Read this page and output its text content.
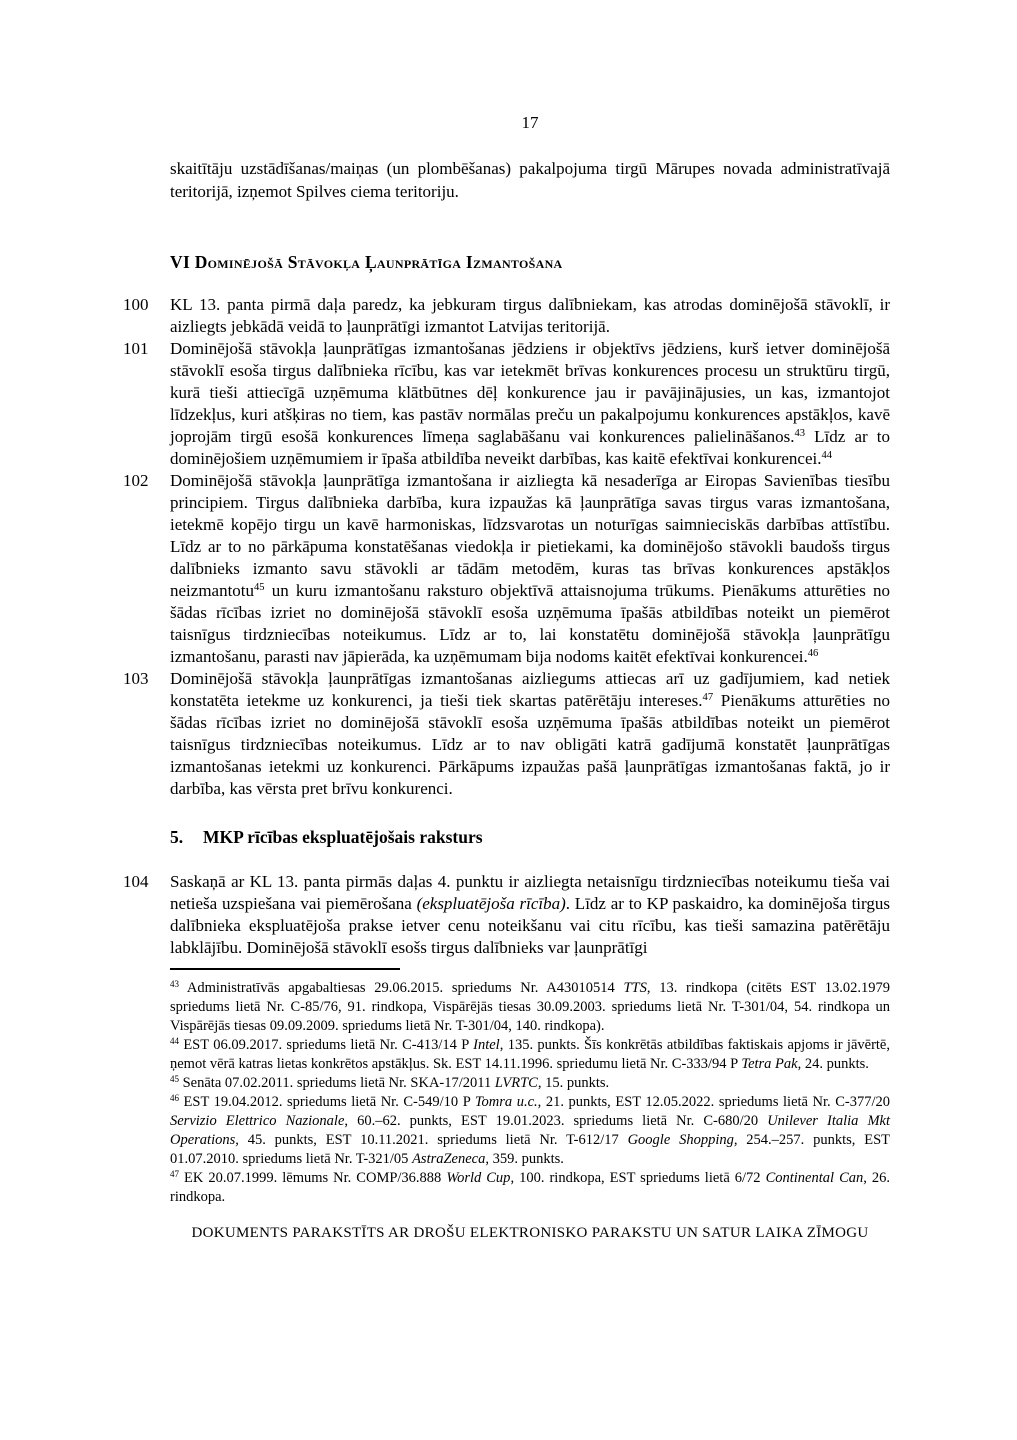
17

skaitītāju uzstādīšanas/maiņas (un plombēšanas) pakalpojuma tirgū Mārupes novada administratīvajā teritorijā, izņemot Spilves ciema teritoriju.

VI Dominējošā Stāvokļa Ļaunprātīga Izmantošana

100	KL 13. panta pirmā daļa paredz, ka jebkuram tirgus dalībniekam, kas atrodas dominējošā stāvoklī, ir aizliegts jebkādā veidā to ļaunprātīgi izmantot Latvijas teritorijā.

101	Dominējošā stāvokļa ļaunprātīgas izmantošanas jēdziens ir objektīvs jēdziens, kurš ietver dominējošā stāvoklī esoša tirgus dalībnieka rīcību, kas var ietekmēt brīvas konkurences procesu un struktūru tirgū, kurā tieši attiecīgā uzņēmuma klātbūtnes dēļ konkurence jau ir pavājinājusies, un kas, izmantojot līdzekļus, kuri atšķiras no tiem, kas pastāv normālas preču un pakalpojumu konkurences apstākļos, kavē joprojām tirgū esošā konkurences līmeņa saglabāšanu vai konkurences palielināšanos.$^{43}$ Līdz ar to dominējošiem uzņēmumiem ir īpaša atbildība neveikt darbības, kas kaitē efektīvai konkurencei.$^{44}$

102	Dominējošā stāvokļa ļaunprātīga izmantošana ir aizliegta kā nesaderīga ar Eiropas Savienības tiesību principiem. Tirgus dalībnieka darbība, kura izpaužas kā ļaunprātīga savas tirgus varas izmantošana, ietekmē kopējo tirgu un kavē harmoniskas, līdzsvarotas un noturīgas saimnieciskās darbības attīstību. Līdz ar to no pārkāpuma konstatēšanas viedokļa ir pietiekami, ka dominējošo stāvokli baudošs tirgus dalībnieks izmanto savu stāvokli ar tādām metodēm, kuras tas brīvas konkurences apstākļos neizmantotu$^{45}$ un kuru izmantošanu raksturo objektīvā attaisnojuma trūkums. Pienākums atturēties no šādas rīcības izriet no dominējošā stāvoklī esoša uzņēmuma īpašās atbildības noteikt un piemērot taisnīgus tirdzniecības noteikumus. Līdz ar to, lai konstatētu dominējošā stāvokļa ļaunprātīgu izmantošanu, parasti nav jāpierāda, ka uzņēmumam bija nodoms kaitēt efektīvai konkurencei.$^{46}$

103	Dominējošā stāvokļa ļaunprātīgas izmantošanas aizliegums attiecas arī uz gadījumiem, kad netiek konstatēta ietekme uz konkurenci, ja tieši tiek skartas patērētāju intereses.$^{47}$ Pienākums atturēties no šādas rīcības izriet no dominējošā stāvoklī esoša uzņēmuma īpašās atbildības noteikt un piemērot taisnīgus tirdzniecības noteikumus. Līdz ar to nav obligāti katrā gadījumā konstatēt ļaunprātīgas izmantošanas ietekmi uz konkurenci. Pārkāpums izpaužas pašā ļaunprātīgas izmantošanas faktā, jo ir darbība, kas vērsta pret brīvu konkurenci.

5. MKP rīcības ekspluatējošais raksturs

104	Saskaņā ar KL 13. panta pirmās daļas 4. punktu ir aizliegta netaisnīgu tirdzniecības noteikumu tieša vai netieša uzspiešana vai piemērošana (ekspluatējoša rīcība). Līdz ar to KP paskaidro, ka dominējoša tirgus dalībnieka ekspluatējoša prakse ietver cenu noteikšanu vai citu rīcību, kas tieši samazina patērētāju labklājību. Dominējošā stāvoklī esošs tirgus dalībnieks var ļaunprātīgi

$^{43}$ Administratīvās apgabaltiesas 29.06.2015. spriedums Nr. A43010514 TTS, 13. rindkopa (citēts EST 13.02.1979 spriedums lietā Nr. C-85/76, 91. rindkopa, Vispārējās tiesas 30.09.2003. spriedums lietā Nr. T-301/04, 54. rindkopa un Vispārējās tiesas 09.09.2009. spriedums lietā Nr. T-301/04, 140. rindkopa).

$^{44}$ EST 06.09.2017. spriedums lietā Nr. C-413/14 P Intel, 135. punkts. Šīs konkrētās atbildības faktiskais apjoms ir jāvērtē, ņemot vērā katras lietas konkrētos apstākļus. Sk. EST 14.11.1996. spriedumu lietā Nr. C-333/94 P Tetra Pak, 24. punkts.

$^{45}$ Senāta 07.02.2011. spriedums lietā Nr. SKA-17/2011 LVRTC, 15. punkts.

$^{46}$ EST 19.04.2012. spriedums lietā Nr. C-549/10 P Tomra u.c., 21. punkts, EST 12.05.2022. spriedums lietā Nr. C-377/20 Servizio Elettrico Nazionale, 60.–62. punkts, EST 19.01.2023. spriedums lietā Nr. C-680/20 Unilever Italia Mkt Operations, 45. punkts, EST 10.11.2021. spriedums lietā Nr. T-612/17 Google Shopping, 254.–257. punkts, EST 01.07.2010. spriedums lietā Nr. T-321/05 AstraZeneca, 359. punkts.

$^{47}$ EK 20.07.1999. lēmums Nr. COMP/36.888 World Cup, 100. rindkopa, EST spriedums lietā 6/72 Continental Can, 26. rindkopa.

DOKUMENTS PARAKSTĪTS AR DROŠU ELEKTRONISKO PARAKSTU UN SATUR LAIKA ZĪMOGU
